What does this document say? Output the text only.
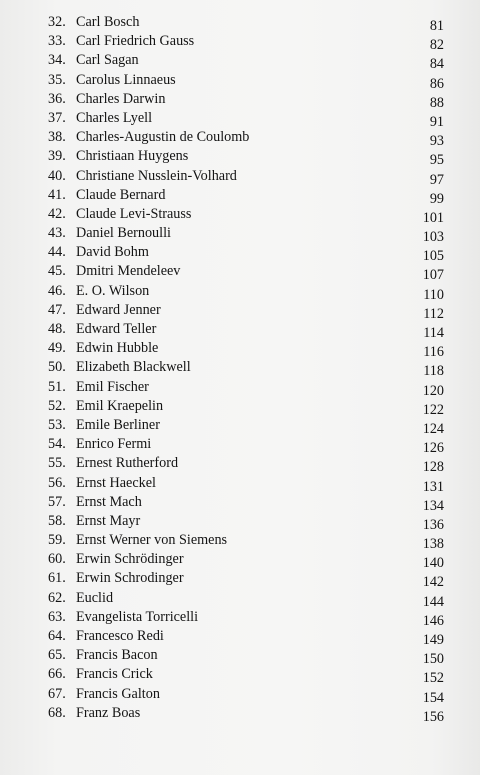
32. Carl Bosch	81
33. Carl Friedrich Gauss	82
34. Carl Sagan	84
35. Carolus Linnaeus	86
36. Charles Darwin	88
37. Charles Lyell	91
38. Charles-Augustin de Coulomb	93
39. Christiaan Huygens	95
40. Christiane Nusslein-Volhard	97
41. Claude Bernard	99
42. Claude Levi-Strauss	101
43. Daniel Bernoulli	103
44. David Bohm	105
45. Dmitri Mendeleev	107
46. E. O. Wilson	110
47. Edward Jenner	112
48. Edward Teller	114
49. Edwin Hubble	116
50. Elizabeth Blackwell	118
51. Emil Fischer	120
52. Emil Kraepelin	122
53. Emile Berliner	124
54. Enrico Fermi	126
55. Ernest Rutherford	128
56. Ernst Haeckel	131
57. Ernst Mach	134
58. Ernst Mayr	136
59. Ernst Werner von Siemens	138
60. Erwin Schrödinger	140
61. Erwin Schrodinger	142
62. Euclid	144
63. Evangelista Torricelli	146
64. Francesco Redi	149
65. Francis Bacon	150
66. Francis Crick	152
67. Francis Galton	154
68. Franz Boas	156
